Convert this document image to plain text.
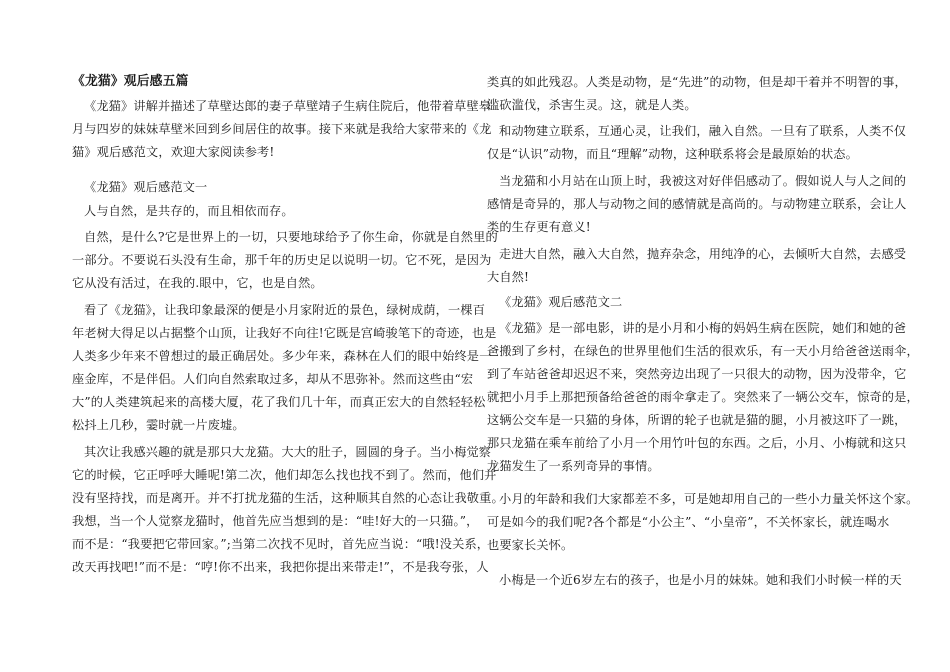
《龙猫》观后感五篇
《龙猫》讲解并描述了草壁达郎的妻子草壁靖子生病住院后，他带着草壁皋
月与四岁的妹妹草壁米回到乡间居住的故事。接下来就是我给大家带来的《龙
猫》观后感范文，欢迎大家阅读参考!
《龙猫》观后感范文一
人与自然，是共存的，而且相依而存。
自然，是什么?它是世界上的一切，只要地球给予了你生命，你就是自然里的
一部分。不要说石头没有生命，那千年的历史足以说明一切。它不死，是因为
它从没有活过，在我的.眼中，它，也是自然。
看了《龙猫》，让我印象最深的便是小月家附近的景色，绿树成荫，一棵百
年老树大得足以占据整个山顶，让我好不向往!它既是宫崎骏笔下的奇迹，也是
人类多少年来不曾想过的最正确居处。多少年来，森林在人们的眼中始终是一
座金库，不是伴侣。人们向自然索取过多，却从不思弥补。然而这些由“宏
大”的人类建筑起来的高楼大厦，花了我们几十年，而真正宏大的自然轻轻松
松抖上几秒，霎时就一片废墟。
其次让我感兴趣的就是那只大龙猫。大大的肚子，圆圆的身子。当小梅觉察
它的时候，它正呼呼大睡呢!第二次，他们却怎么找也找不到了。然而，他们并
没有坚持找，而是离开。并不打扰龙猫的生活，这种顺其自然的心态让我敬重。
我想，当一个人觉察龙猫时，他首先应当想到的是：“哇!好大的一只猫。”，
而不是：“我要把它带回家。”;当第二次找不见时，首先应当说：“哦!没关系，
改天再找吧!”而不是：“哼!你不出来，我把你提出来带走!”，不是我夸张，人
类真的如此残忍。人类是动物，是“先进”的动物，但是却干着并不明智的事，
滥砍滥伐，杀害生灵。这，就是人类。
和动物建立联系，互通心灵，让我们，融入自然。一旦有了联系，人类不仅
仅是“认识”动物，而且“理解”动物，这种联系将会是最原始的状态。
当龙猫和小月站在山顶上时，我被这对好伴侣感动了。假如说人与人之间的
感情是奇异的，那人与动物之间的感情就是高尚的。与动物建立联系，会让人
类的生存更有意义!
走进大自然，融入大自然，抛弃杂念，用纯净的心，去倾听大自然，去感受
大自然!
《龙猫》观后感范文二
《龙猫》是一部电影，讲的是小月和小梅的妈妈生病在医院，她们和她的爸
爸搬到了乡村，在绿色的世界里他们生活的很欢乐，有一天小月给爸爸送雨伞，
到了车站爸爸却迟迟不来，突然旁边出现了一只很大的动物，因为没带伞，它
就把小月手上那把预备给爸爸的雨伞拿走了。突然来了一辆公交车，惊奇的是，
这辆公交车是一只猫的身体，所谓的轮子也就是猫的腿，小月被这吓了一跳，
那只龙猫在乘车前给了小月一个用竹叶包的东西。之后，小月、小梅就和这只
龙猫发生了一系列奇异的事情。
小月的年龄和我们大家都差不多，可是她却用自己的一些小力量关怀这个家。
可是如今的我们呢?各个都是“小公主”、“小皇帝”，不关怀家长，就连喝水
也要家长关怀。
小梅是一个近6岁左右的孩子，也是小月的妹妹。她和我们小时候一样的天
